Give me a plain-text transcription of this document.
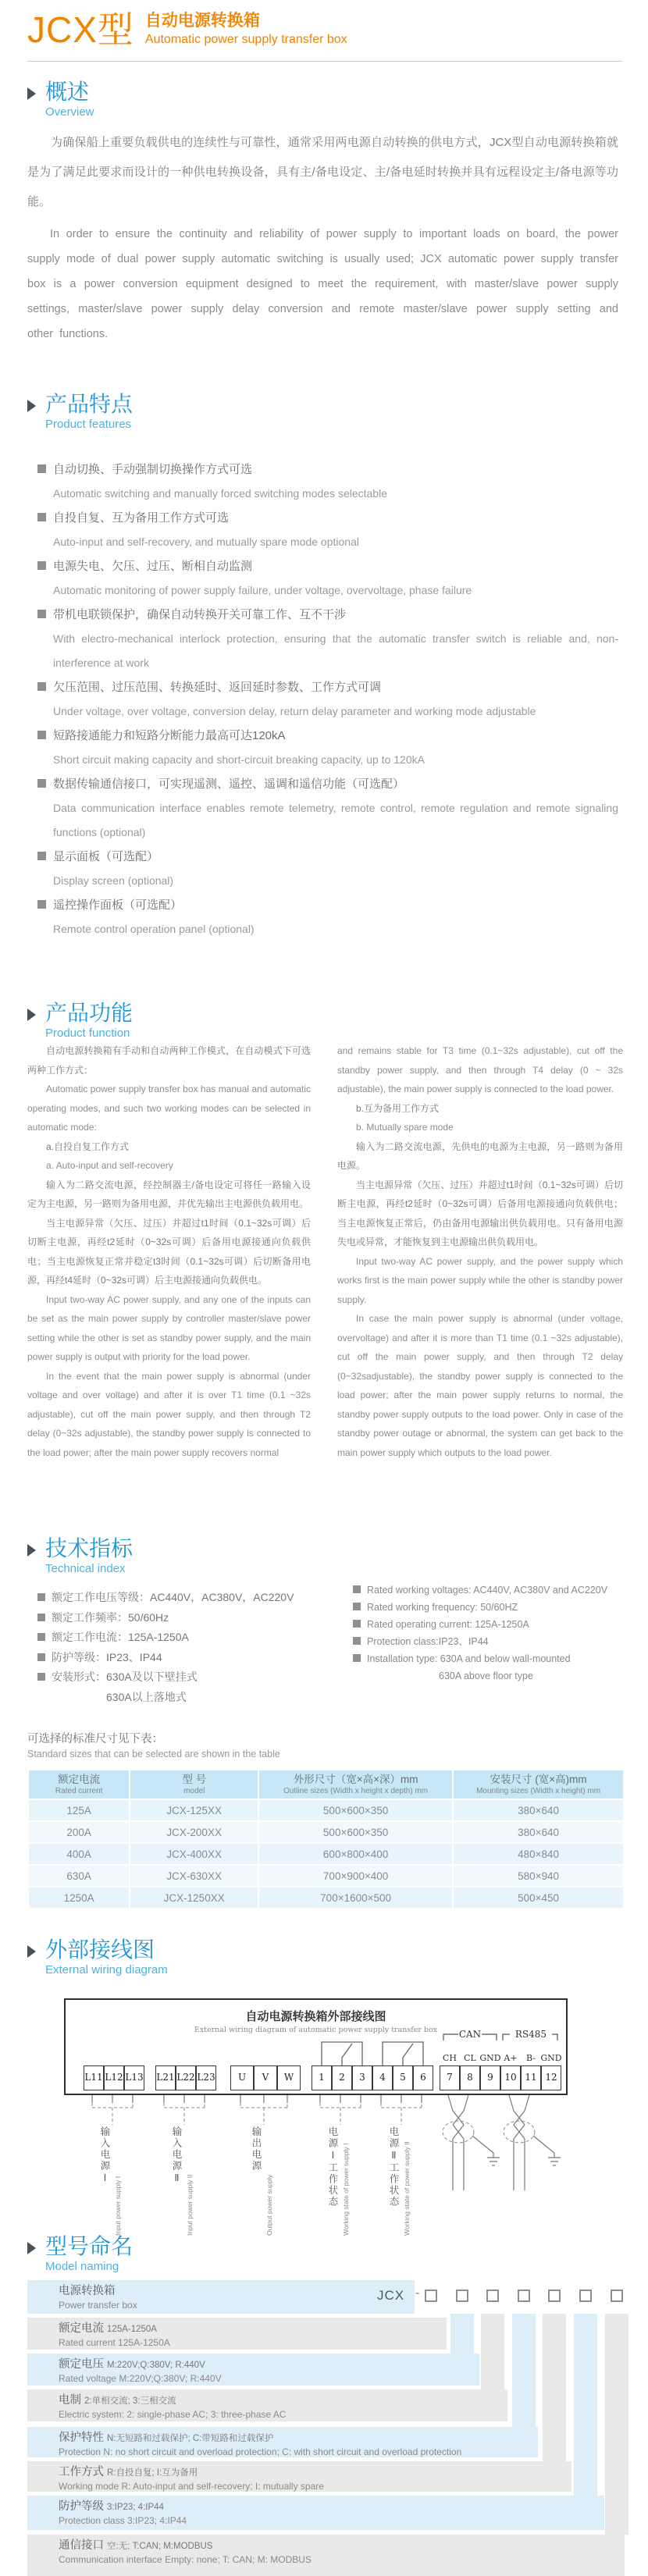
JCX型 自动电源转换箱
Automatic power supply transfer box
概述
Overview
为确保船上重要负载供电的连续性与可靠性，通常采用两电源自动转换的供电方式，JCX型自动电源转换箱就是为了满足此要求而设计的一种供电转换设备，具有主/备电设定、主/备电延时转换并具有远程设定主/备电源等功能。
In order to ensure the continuity and reliability of power supply to important loads on board, the power supply mode of dual power supply automatic switching is usually used; JCX automatic power supply transfer box is a power conversion equipment designed to meet the requirement, with master/slave power supply settings, master/slave power supply delay conversion and remote master/slave power supply setting and other functions.
产品特点
Product features
自动切换、手动强制切换操作方式可选
Automatic switching and manually forced switching modes selectable
自投自复、互为备用工作方式可选
Auto-input and self-recovery, and mutually spare mode optional
电源失电、欠压、过压、断相自动监测
Automatic monitoring of power supply failure, under voltage, overvoltage, phase failure
带机电联锁保护，确保自动转换开关可靠工作、互不干涉
With electro-mechanical interlock protection, ensuring that the automatic transfer switch is reliable and, non-interference at work
欠压范围、过压范围、转换延时、返回延时参数、工作方式可调
Under voltage, over voltage, conversion delay, return delay parameter and working mode adjustable
短路接通能力和短路分断能力最高可达120kA
Short circuit making capacity and short-circuit breaking capacity, up to 120kA
数据传输通信接口，可实现遥测、遥控、遥调和遥信功能（可选配）
Data communication interface enables remote telemetry, remote control, remote regulation and remote signaling functions (optional)
显示面板（可选配）
Display screen (optional)
遥控操作面板（可选配）
Remote control operation panel (optional)
产品功能
Product function

自动电源转换箱有手动和自动两种工作模式，在自动模式下可选两种工作方式：

Automatic power supply transfer box has manual and automatic operating modes, and such two working modes can be selected in automatic mode:

a.自投自复工作方式

a. Auto-input and self-recovery

输入为二路交流电源，经控制器主/备电设定可将任一路输入设定为主电源，另一路则为备用电源，并优先输出主电源供负载用电。

当主电源异常（欠压、过压）并超过t1时间（0.1~32s可调）后切断主电源，再经t2延时（0~32s可调）后备用电源接通向负载供电；当主电源恢复正常并稳定t3时间（0.1~32s可调）后切断备用电源，再经t4延时（0~32s可调）后主电源接通向负载供电。

Input two-way AC power supply, and any one of the inputs can be set as the main power supply by controller master/slave power setting while the other is set as standby power supply, and the main power supply is output with priority for the load power.

In the event that the main power supply is abnormal (under voltage and over voltage) and after it is over T1 time (0.1 ~32s adjustable), cut off the main power supply, and then through T2 delay (0~32s adjustable), the standby power supply is connected to the load power; after the main power supply recovers normal

and remains stable for T3 time (0.1~32s adjustable), cut off the standby power supply, and then through T4 delay (0 ~ 32s adjustable), the main power supply is connected to the load power.

b.互为备用工作方式

b. Mutually spare mode

输入为二路交流电源，先供电的电源为主电源，另一路则为备用电源。

当主电源异常（欠压、过压）并超过t1时间（0.1~32s可调）后切断主电源，再经t2延时（0~32s可调）后备用电源接通向负载供电；当主电源恢复正常后，仍由备用电源输出供负载用电。只有备用电源失电或异常，才能恢复到主电源输出供负载用电。

Input two-way AC power supply, and the power supply which works first is the main power supply while the other is standby power supply.

In case the main power supply is abnormal (under voltage, overvoltage) and after it is more than T1 time (0.1 ~32s adjustable), cut off the main power supply, and then through T2 delay (0~32sadjustable), the standby power supply is connected to the load power; after the main power supply returns to normal, the standby power supply outputs to the load power. Only in case of the standby power outage or abnormal, the system can get back to the main power supply which outputs to the load power.

技术指标
Technical index
额定工作电压等级：AC440V，AC380V，AC220V
额定工作频率：50/60Hz
额定工作电流：125A-1250A
防护等级：IP23、IP44
安装形式：630A及以下壁挂式
630A以上落地式
Rated working voltages: AC440V, AC380V and AC220V
Rated working frequency: 50/60HZ
Rated operating current: 125A-1250A
Protection class:IP23、IP44
Installation type: 630A and below wall-mounted
630A above floor type
可选择的标准尺寸见下表：
Standard sizes that can be selected are shown in the table
额定电流
Rated current

型 号
model

外形尺寸（宽×高×深）mm
Outline sizes (Width x height x depth) mm

安装尺寸 (宽×高)mm
Mounting sizes (Width x height) mm

125A	JCX-125XX	500×600×350	380×640
200A	JCX-200XX	500×600×350	380×640
400A	JCX-400XX	600×800×400	480×840
630A	JCX-630XX	700×900×400	580×940
1250A	JCX-1250XX	700×1600×500	500×450
外部接线图
External wiring diagram
自动电源转换箱外部接线图
External wiring diagram of automatic power supply transfer box	CAN	RS485
CH CL GND A+ B- GND
L11 L12 L13 L21 L22 L23	U	V	W	1	2	3	4	5	6	7	8	9	10 11 12
输入电源Ⅰ
Input power supply I
输入电源Ⅱ
Input power supply II
输出电源
Output power supply	电源Ⅰ工作状态 Working state of power supply I	电源Ⅱ工作状态 Working state of power supply II
型号命名
Model naming
电源转换箱
Power transfer box
额定电流 125A-1250A
Rated current 125A-1250A
额定电压 M:220V;Q:380V; R:440V
Rated voltage M:220V;Q:380V; R:440V
电制 2:单相交流; 3:三相交流
Electric system: 2: single-phase AC; 3: three-phase AC
保护特性 N:无短路和过载保护; C:带短路和过载保护
Protection N: no short circuit and overload protection; C: with short circuit and overload protection
工作方式 R:自投自复; I:互为备用
Working mode R: Auto-input and self-recovery; I: mutually spare
防护等级 3:IP23; 4:IP44
Protection class 3:IP23; 4:IP44
通信接口 空:无; T:CAN; M:MODBUS
Communication interface Empty: none; T: CAN; M: MODBUS
JCX -
